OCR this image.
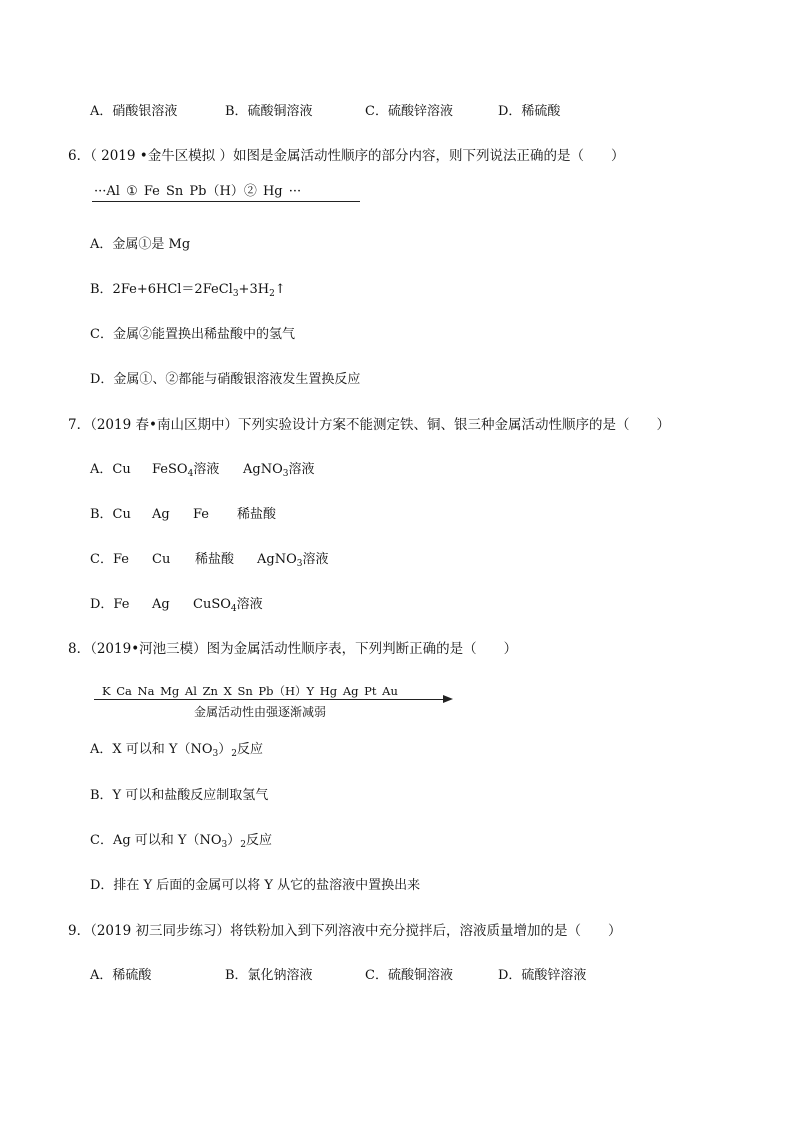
A．硝酸银溶液	B．硫酸铜溶液	C．硫酸锌溶液	D．稀硫酸
6．（ 2019 •金牛区模拟 ）如图是金属活动性顺序的部分内容，则下列说法正确的是（　　）
···Al ① Fe Sn Pb（H）② Hg ···
A．金属①是 Mg
B．$2Fe+6HCl=2FeCl_3+3H_2↑$
C．金属②能置换出稀盐酸中的氢气
D．金属①、②都能与硝酸银溶液发生置换反应
7．（2019 春•南山区期中）下列实验设计方案不能测定铁、铜、银三种金属活动性顺序的是（　　）
A．Cu FeSO$_4$溶液 AgNO$_3$溶液
B．Cu Ag Fe 稀盐酸
C．Fe Cu 稀盐酸 AgNO$_3$溶液
D．Fe Ag CuSO$_4$溶液
8．（2019•河池三模）图为金属活动性顺序表，下列判断正确的是（　　）
K Ca Na Mg Al Zn X Sn Pb（H）Y Hg Ag Pt Au
金属活动性由强逐渐减弱
A．X 可以和 $Y(NO_3)_2$反应
B．Y 可以和盐酸反应制取氢气
C．Ag 可以和 $Y(NO_3)_2$反应
D．排在 Y 后面的金属可以将 Y 从它的盐溶液中置换出来
9．（2019 初三同步练习）将铁粉加入到下列溶液中充分搅拌后，溶液质量增加的是（　　）
A．稀硫酸	B．氯化钠溶液	C．硫酸铜溶液	D．硫酸锌溶液
